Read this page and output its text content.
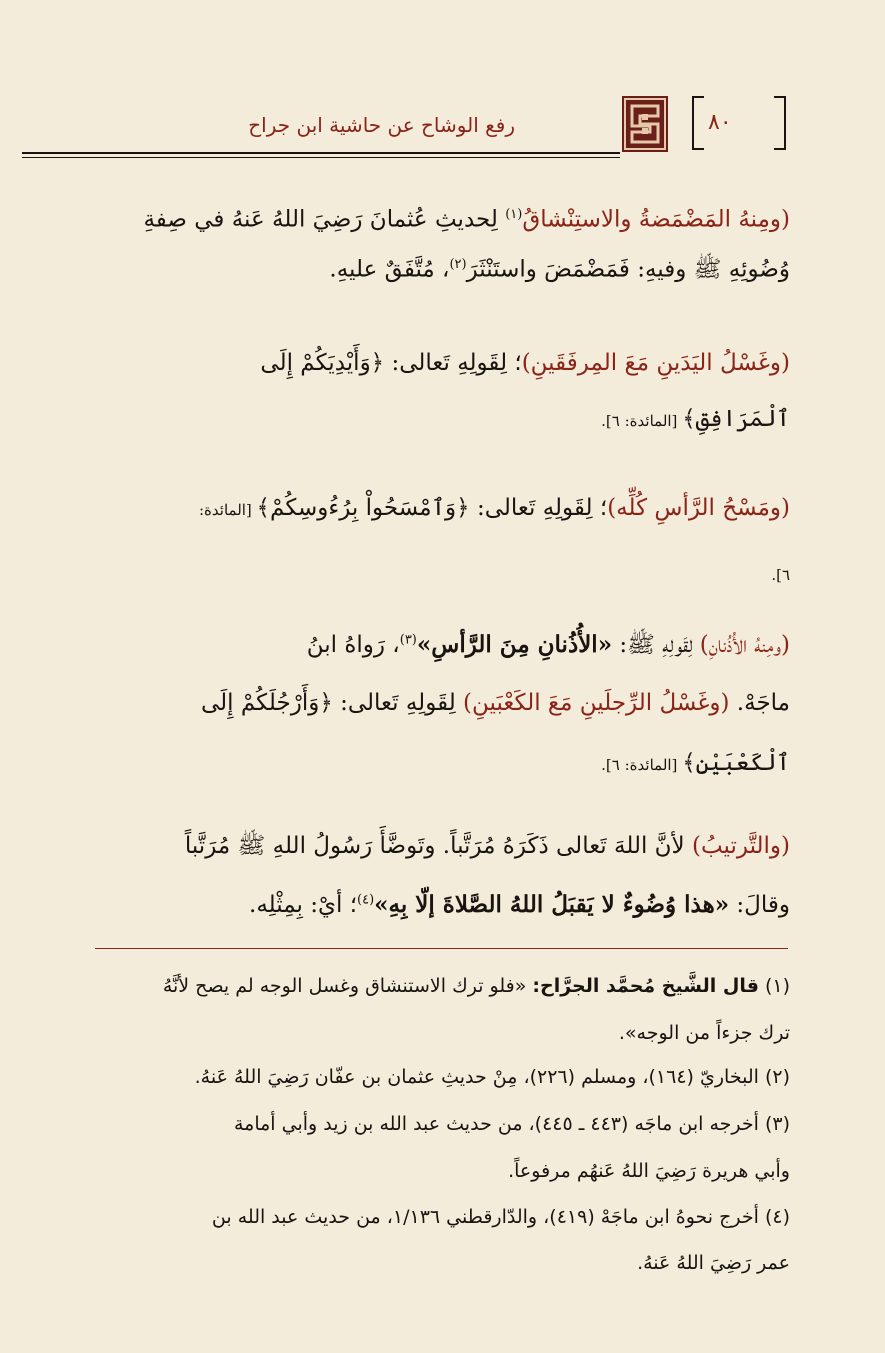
رفع الوشاح عن حاشية ابن جراح	٨٠
(ومِنهُ المَضْمَضةُ والاستِنْشاقُ$^{(١)}$ لِحديثِ عُثمانَ رَضِيَ اللهُ عَنهُ في صِفةِ
وُضُوئِهِ ﷺ وفيهِ: فَمَضْمَضَ واستَنْثَرَ$^{(٢)}$، مُتَّفَقٌ عليهِ.
(وغَسْلُ اليَدَينِ مَعَ المِرفَقَينِ)؛ لِقَولِهِ تَعالى: ﴿وَأَيْدِيَكُمْ إِلَى
ٱلْمَرَافِقِ﴾ [المائدة: ٦].
(ومَسْحُ الرَّأسِ كُلِّه)؛ لِقَولِهِ تَعالى: ﴿وَٱمْسَحُواْ بِرُءُوسِكُمْ﴾ [المائدة:
٦].
(ومِنهُ الأُذُنانِ) لِقَولِهِ ﷺ: «الأُذُنانِ مِنَ الرَّأسِ»$^{(٣)}$، رَواهُ ابنُ
ماجَهْ. (وغَسْلُ الرِّجلَينِ مَعَ الكَعْبَينِ) لِقَولِهِ تَعالى: ﴿وَأَرْجُلَكُمْ إِلَى
ٱلْكَعْبَيْنِ﴾ [المائدة: ٦].
(والتَّرتيبُ) لأنَّ اللهَ تَعالى ذَكَرَهُ مُرَتَّباً. وتَوضَّأَ رَسُولُ اللهِ ﷺ مُرَتَّباً
وقالَ: «هذا وُضُوءٌ لا يَقبَلُ اللهُ الصَّلاةَ إلّا بِهِ»$^{(٤)}$؛ أيْ: بِمِثْلِه.
(١) قال الشَّيخ مُحمَّد الجرَّاح: «فلو ترك الاستنشاق وغسل الوجه لم يصح لأنَّهُ
ترك جزءاً من الوجه».
(٢) البخاريّ (١٦٤)، ومسلم (٢٢٦)، مِنْ حديثِ عثمان بن عفّان رَضِيَ اللهُ عَنهُ.
(٣) أخرجه ابن ماجَه (٤٤٣ ـ ٤٤٥)، من حديث عبد الله بن زيد وأبي أمامة
وأبي هريرة رَضِيَ اللهُ عَنهُم مرفوعاً.
(٤) أخرج نحوهُ ابن ماجَهْ (٤١٩)، والدّارقطني ١/١٣٦، من حديث عبد الله بن
عمر رَضِيَ اللهُ عَنهُ.
